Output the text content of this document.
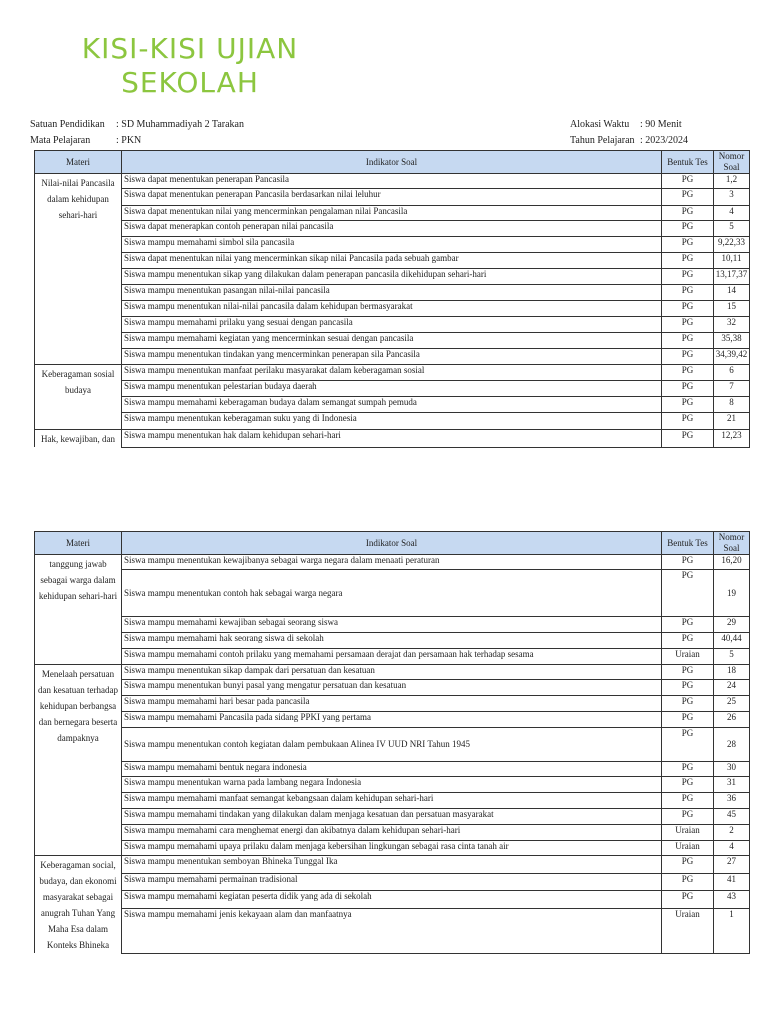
KISI-KISI UJIAN
SEKOLAH
Satuan Pendidikan : SD Muhammadiyah 2 Tarakan
Mata Pelajaran	: PKN
Alokasi Waktu : 90 Menit
Tahun Pelajaran : 2023/2024
Materi	Indikator Soal	Bentuk Tes	Nomor Soal
Nilai-nilai Pancasila dalam kehidupan sehari-hari	Siswa dapat menentukan penerapan Pancasila	PG	1,2
	Siswa dapat menentukan penerapan Pancasila berdasarkan nilai leluhur	PG	3
	Siswa dapat menentukan nilai yang mencerminkan pengalaman nilai Pancasila	PG	4
	Siswa dapat menerapkan contoh penerapan nilai pancasila	PG	5
	Siswa mampu memahami simbol sila pancasila	PG	9,22,33
	Siswa dapat menentukan nilai yang mencerminkan sikap nilai Pancasila pada sebuah gambar	PG	10,11
	Siswa mampu menentukan sikap yang dilakukan dalam penerapan pancasila dikehidupan sehari-hari	PG	13,17,37
	Siswa mampu menentukan pasangan nilai-nilai pancasila	PG	14
	Siswa mampu menentukan nilai-nilai pancasila dalam kehidupan bermasyarakat	PG	15
	Siswa mampu memahami prilaku yang sesuai dengan pancasila	PG	32
	Siswa mampu memahami kegiatan yang mencerminkan sesuai dengan pancasila	PG	35,38
	Siswa mampu menentukan tindakan yang mencerminkan penerapan sila Pancasila	PG	34,39,42
Keberagaman sosial budaya	Siswa mampu menentukan manfaat perilaku masyarakat dalam keberagaman sosial	PG	6
	Siswa mampu menentukan pelestarian budaya daerah	PG	7
	Siswa mampu memahami keberagaman budaya dalam semangat sumpah pemuda	PG	8
	Siswa mampu menentukan keberagaman suku yang di Indonesia	PG	21
Hak, kewajiban, dan	Siswa mampu menentukan hak dalam kehidupan sehari-hari	PG	12,23
Materi	Indikator Soal	Bentuk Tes	Nomor Soal
tanggung jawab sebagai warga dalam kehidupan sehari-hari	Siswa mampu menentukan kewajibanya sebagai warga negara dalam menaati peraturan	PG	16,20
	Siswa mampu menentukan contoh hak sebagai warga negara	PG	19
	Siswa mampu memahami kewajiban sebagai seorang siswa	PG	29
	Siswa mampu memahami hak seorang siswa di sekolah	PG	40,44
	Siswa mampu memahami contoh prilaku yang memahami persamaan derajat dan persamaan hak terhadap sesama	Uraian	5
Menelaah persatuan dan kesatuan terhadap kehidupan berbangsa dan bernegara beserta dampaknya	Siswa mampu menentukan sikap dampak dari persatuan dan kesatuan	PG	18
	Siswa mampu menentukan bunyi pasal yang mengatur persatuan dan kesatuan	PG	24
	Siswa mampu memahami hari besar pada pancasila	PG	25
	Siswa mampu memahami Pancasila pada sidang PPKI yang pertama	PG	26
	Siswa mampu menentukan contoh kegiatan dalam pembukaan Alinea IV UUD NRI Tahun 1945	PG	28
	Siswa mampu memahami bentuk negara indonesia	PG	30
	Siswa mampu menentukan warna pada lambang negara Indonesia	PG	31
	Siswa mampu memahami manfaat semangat kebangsaan dalam kehidupan sehari-hari	PG	36
	Siswa mampu memahami tindakan yang dilakukan dalam menjaga kesatuan dan persatuan masyarakat	PG	45
	Siswa mampu memahami cara menghemat energi dan akibatnya dalam kehidupan sehari-hari	Uraian	2
	Siswa mampu memahami upaya prilaku dalam menjaga kebersihan lingkungan sebagai rasa cinta tanah air	Uraian	4
Keberagaman social, budaya, dan ekonomi masyarakat sebagai anugrah Tuhan Yang Maha Esa dalam Konteks Bhineka	Siswa mampu menentukan semboyan Bhineka Tunggal Ika	PG	27
	Siswa mampu memahami permainan tradisional	PG	41
	Siswa mampu memahami kegiatan peserta didik yang ada di sekolah	PG	43
	Siswa mampu memahami jenis kekayaan alam dan manfaatnya	Uraian	1
